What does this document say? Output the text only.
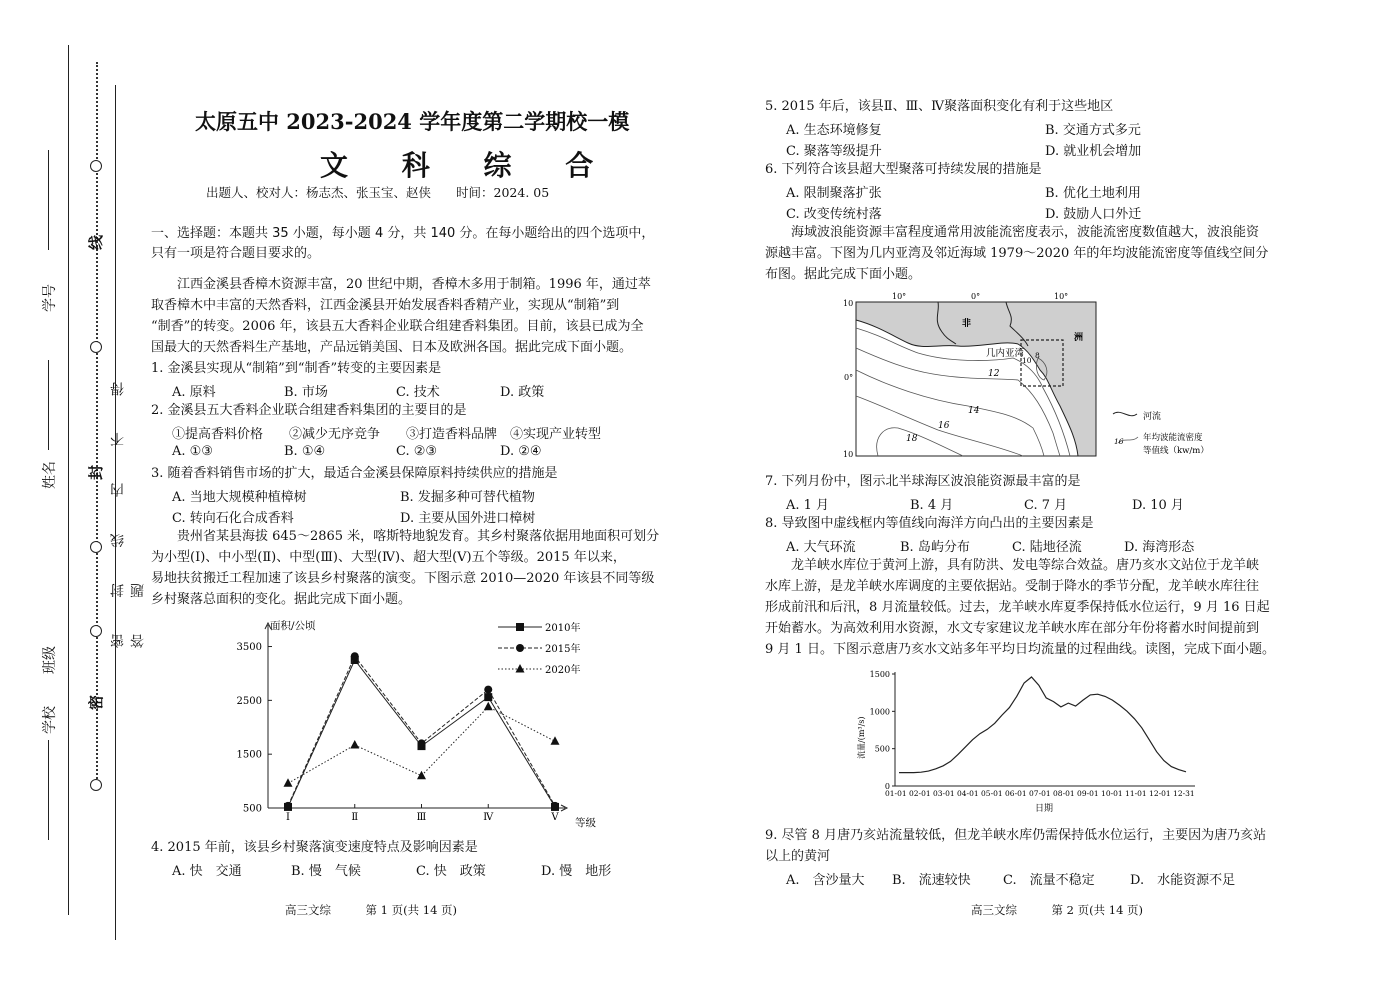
线
封
密
密 封 线 内 不 得 答 题
学号
姓名
班级
学校
太原五中 2023-2024 学年度第二学期校一模
文 科 综 合
出题人、校对人：杨志杰、张玉宝、赵侠　　时间：2024. 05
一、选择题：本题共 35 小题，每小题 4 分，共 140 分。在每小题给出的四个选项中，
只有一项是符合题目要求的。
　　江西金溪县香樟木资源丰富，20 世纪中期，香樟木多用于制箱。1996 年，通过萃
取香樟木中丰富的天然香料，江西金溪县开始发展香料香精产业，实现从“制箱”到
“制香”的转变。2006 年，该县五大香料企业联合组建香料集团。目前，该县已成为全
国最大的天然香料生产基地，产品远销美国、日本及欧洲各国。据此完成下面小题。
1. 金溪县实现从“制箱”到“制香”转变的主要因素是
A. 原料	B. 市场	C. 技术	D. 政策
2. 金溪县五大香料企业联合组建香料集团的主要目的是
①提高香料价格　　②减少无序竞争　　③打造香料品牌　④实现产业转型
A. ①③	B. ①④	C. ②③	D. ②④
3. 随着香料销售市场的扩大，最适合金溪县保障原料持续供应的措施是
A. 当地大规模种植樟树	B. 发掘多种可替代植物
C. 转向石化合成香料	D. 主要从国外进口樟树
　　贵州省某县海拔 645～2865 米，喀斯特地貌发育。其乡村聚落依据用地面积可划分
为小型(Ⅰ)、中小型(Ⅱ)、中型(Ⅲ)、大型(Ⅳ)、超大型(Ⅴ)五个等级。2015 年以来，
易地扶贫搬迁工程加速了该县乡村聚落的演变。下图示意 2010—2020 年该县不同等级
乡村聚落总面积的变化。据此完成下面小题。
500
1500
2500
3500
Ⅰ	Ⅱ	Ⅲ	Ⅳ	Ⅴ
2010年
2015年
2020年
面积/公顷
等级
4. 2015 年前，该县乡村聚落演变速度特点及影响因素是
A. 快　交通	B. 慢　气候	C. 快　政策	D. 慢　地形
高三文综　　　第 1 页(共 14 页)
5. 2015 年后，该县Ⅱ、Ⅲ、Ⅳ聚落面积变化有利于这些地区
A. 生态环境修复	B. 交通方式多元
C. 聚落等级提升	D. 就业机会增加
6. 下列符合该县超大型聚落可持续发展的措施是
A. 限制聚落扩张	B. 优化土地利用
C. 改变传统村落	D. 鼓励人口外迁
　　海域波浪能资源丰富程度通常用波能流密度表示，波能流密度数值越大，波浪能资
源越丰富。下图为几内亚湾及邻近海域 1979～2020 年的年均波能流密度等值线空间分
布图。据此完成下面小题。
10°	0°	10°
10
0°
10
非
洲
几内亚湾
12
14
16
18
10
8
河流
16 年均波能流密度
等值线（kw/m）
7. 下列月份中，图示北半球海区波浪能资源最丰富的是
A. 1 月	B. 4 月	C. 7 月	D. 10 月
8. 导致图中虚线框内等值线向海洋方向凸出的主要因素是
A. 大气环流	B. 岛屿分布	C. 陆地径流	D. 海湾形态
　　龙羊峡水库位于黄河上游，具有防洪、发电等综合效益。唐乃亥水文站位于龙羊峡
水库上游，是龙羊峡水库调度的主要依据站。受制于降水的季节分配，龙羊峡水库往往
形成前汛和后汛，8 月流量较低。过去，龙羊峡水库夏季保持低水位运行，9 月 16 日起
开始蓄水。为高效利用水资源，水文专家建议龙羊峡水库在部分年份将蓄水时间提前到
9 月 1 日。下图示意唐乃亥水文站多年平均日均流量的过程曲线。读图，完成下面小题。
0
500
1000
1500
01-01 02-01 03-01 04-01 05-01 06-01 07-01 08-01 09-01 10-01 11-01 12-01 12-31
日期
流量/(m³/s)
9. 尽管 8 月唐乃亥站流量较低，但龙羊峡水库仍需保持低水位运行，主要因为唐乃亥站
以上的黄河
A.　含沙量大 B.　流速较快 C.　流量不稳定	D.　水能资源不足
高三文综　　　第 2 页(共 14 页)
